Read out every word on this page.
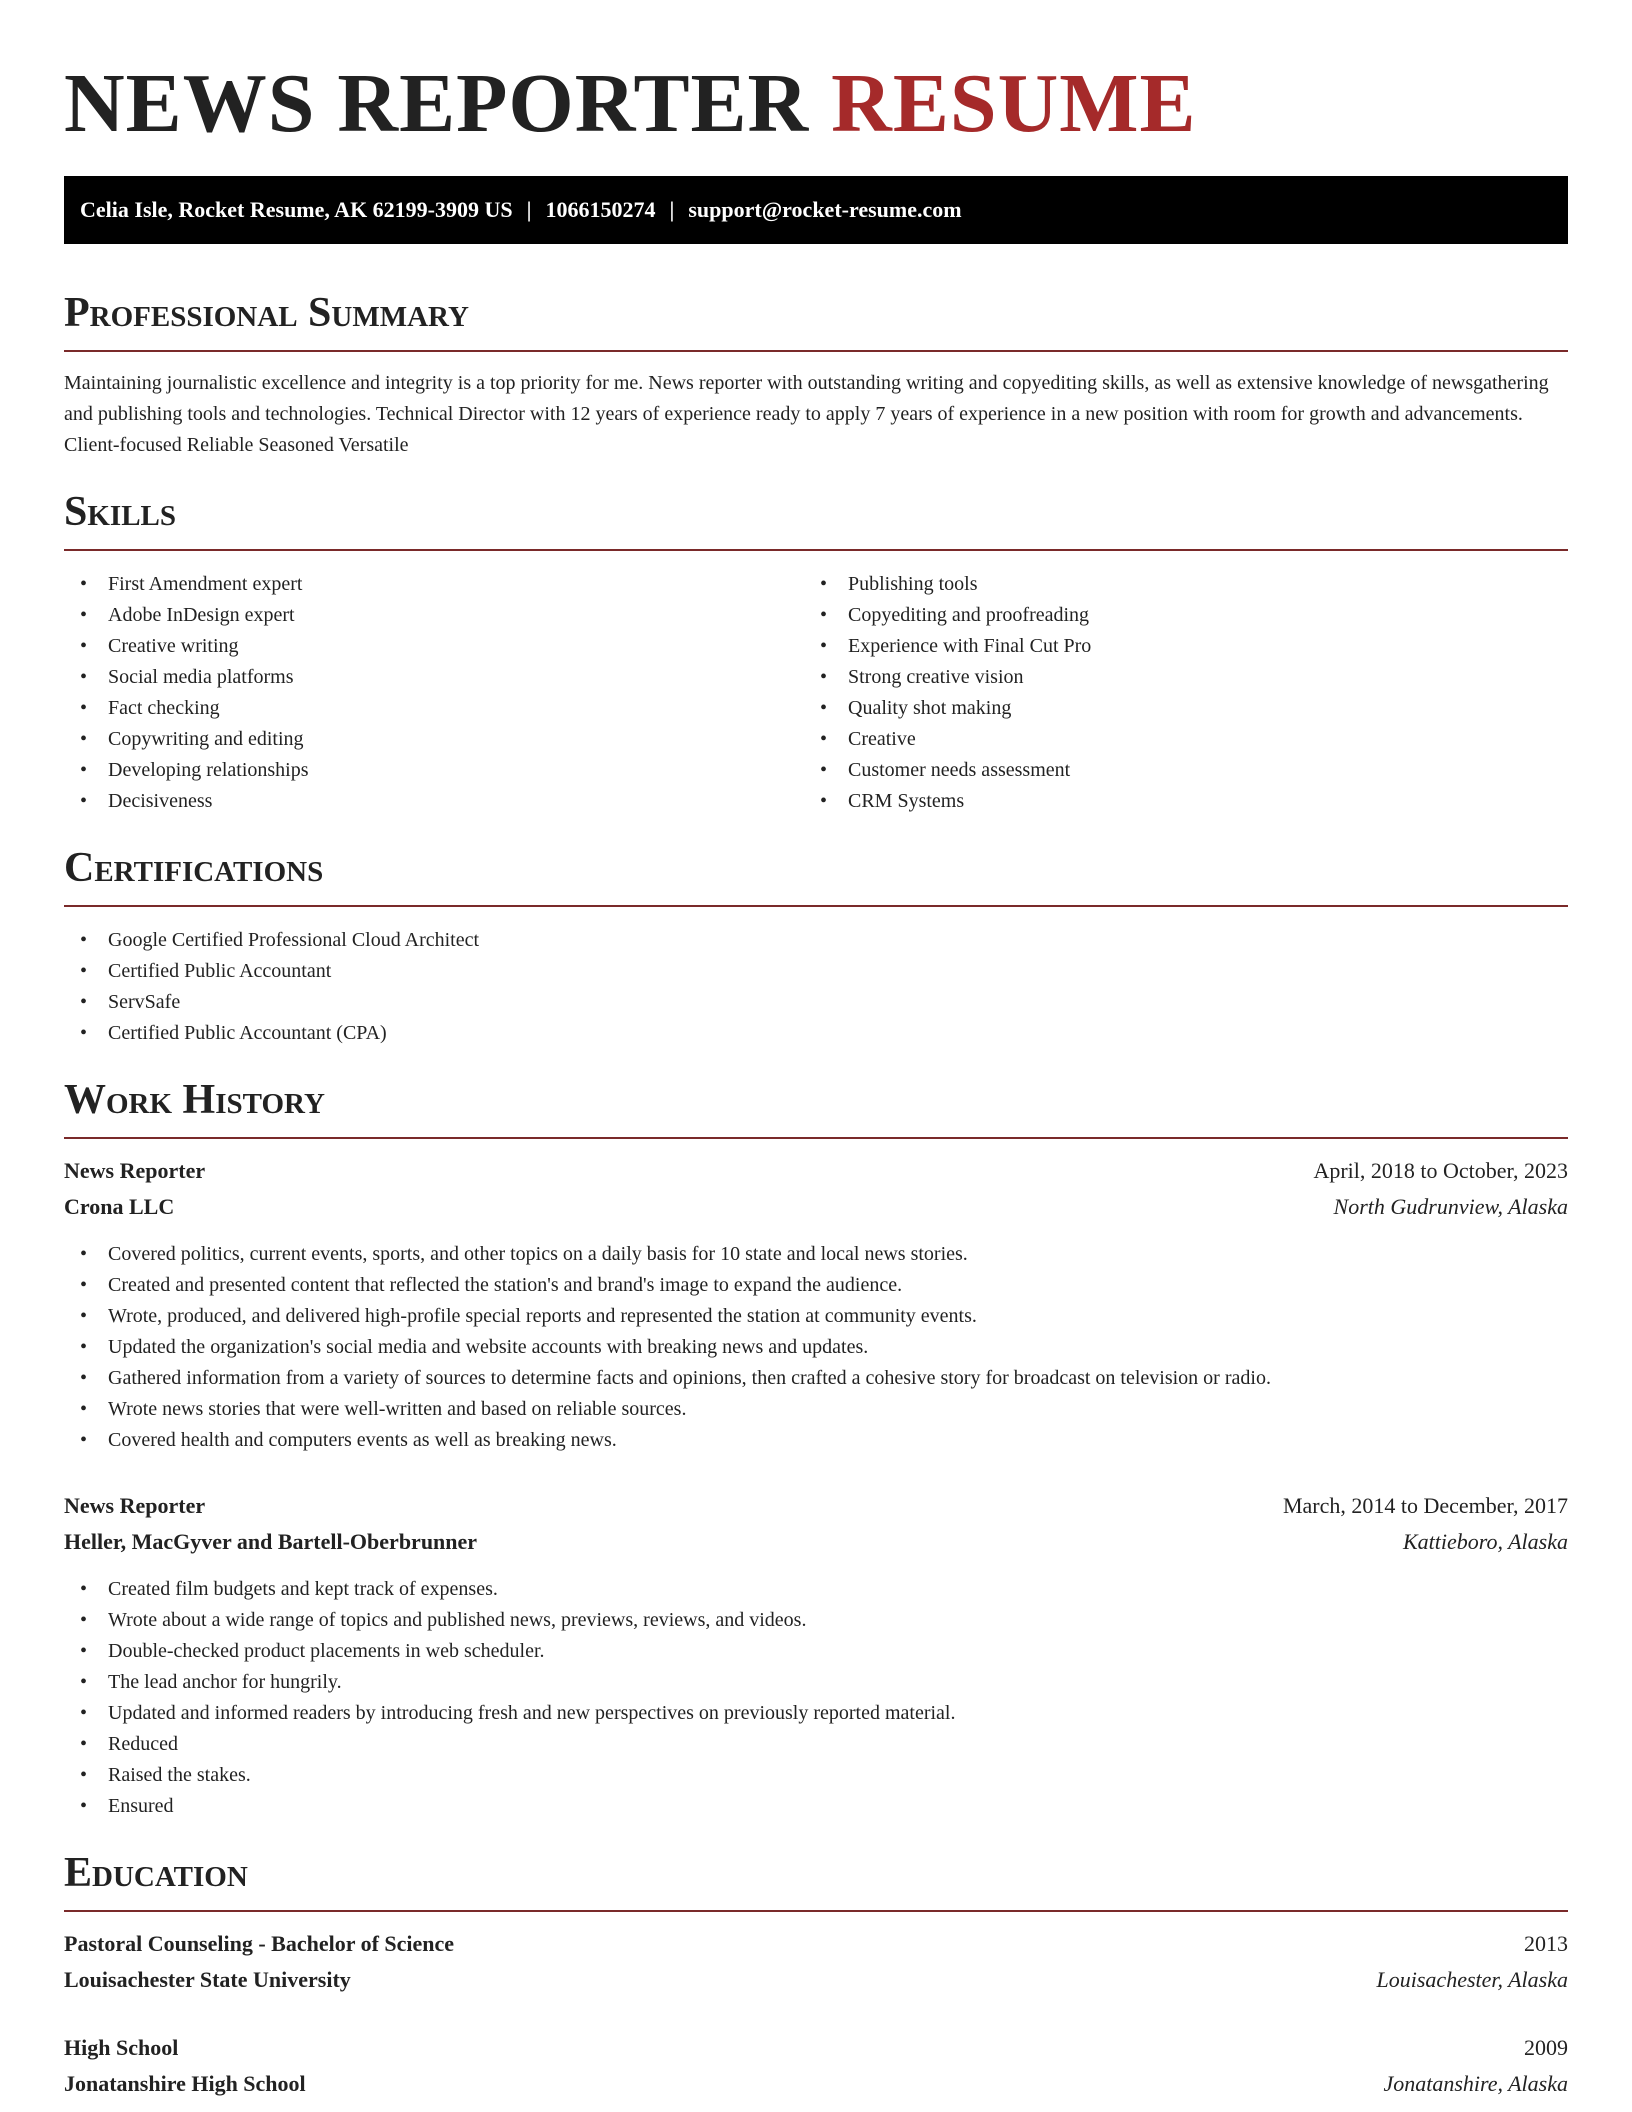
NEWS REPORTER RESUME
Celia Isle, Rocket Resume, AK 62199-3909 US | 1066150274 | support@rocket-resume.com
Professional Summary

Maintaining journalistic excellence and integrity is a top priority for me. News reporter with outstanding writing and copyediting skills, as well as extensive knowledge of newsgathering and publishing tools and technologies. Technical Director with 12 years of experience ready to apply 7 years of experience in a new position with room for growth and advancements. Client-focused Reliable Seasoned Versatile

Skills
• First Amendment expert
• Adobe InDesign expert
• Creative writing
• Social media platforms
• Fact checking
• Copywriting and editing
• Developing relationships
• Decisiveness
• Publishing tools
• Copyediting and proofreading
• Experience with Final Cut Pro
• Strong creative vision
• Quality shot making
• Creative
• Customer needs assessment
• CRM Systems
Certifications
• Google Certified Professional Cloud Architect
• Certified Public Accountant
• ServSafe
• Certified Public Accountant (CPA)
Work History
News Reporter	April, 2018 to October, 2023
Crona LLC	North Gudrunview, Alaska
• Covered politics, current events, sports, and other topics on a daily basis for 10 state and local news stories.
• Created and presented content that reflected the station's and brand's image to expand the audience.
• Wrote, produced, and delivered high-profile special reports and represented the station at community events.
• Updated the organization's social media and website accounts with breaking news and updates.
• Gathered information from a variety of sources to determine facts and opinions, then crafted a cohesive story for broadcast on television or radio.
• Wrote news stories that were well-written and based on reliable sources.
• Covered health and computers events as well as breaking news.
News Reporter	March, 2014 to December, 2017
Heller, MacGyver and Bartell-Oberbrunner	Kattieboro, Alaska
• Created film budgets and kept track of expenses.
• Wrote about a wide range of topics and published news, previews, reviews, and videos.
• Double-checked product placements in web scheduler.
• The lead anchor for hungrily.
• Updated and informed readers by introducing fresh and new perspectives on previously reported material.
• Reduced
• Raised the stakes.
• Ensured
Education
Pastoral Counseling - Bachelor of Science	2013
Louisachester State University	Louisachester, Alaska
High School	2009
Jonatanshire High School	Jonatanshire, Alaska
